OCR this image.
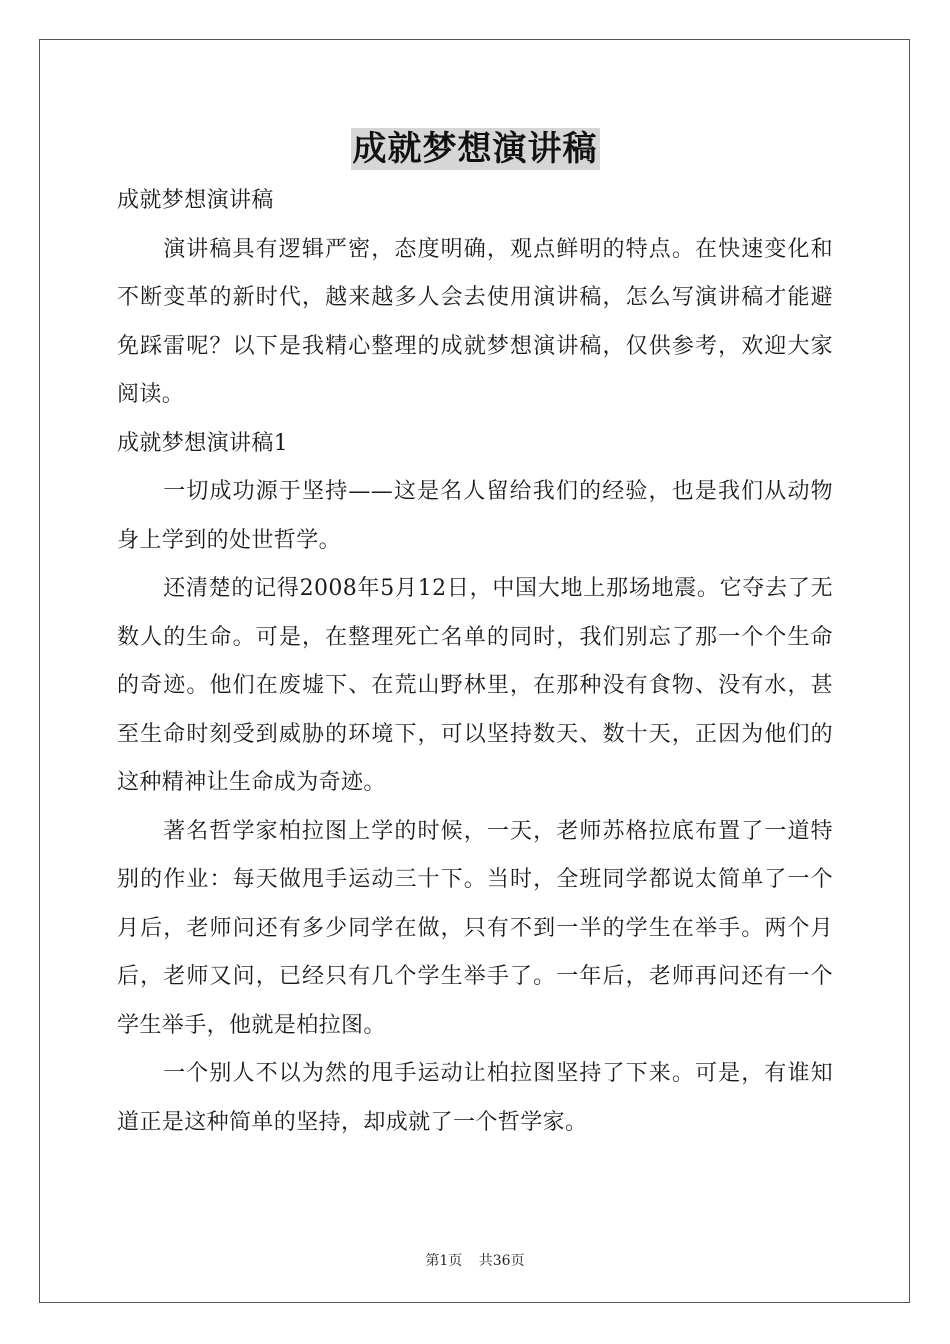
成就梦想演讲稿

成就梦想演讲稿

演讲稿具有逻辑严密，态度明确，观点鲜明的特点。在快速变化和不断变革的新时代，越来越多人会去使用演讲稿，怎么写演讲稿才能避免踩雷呢？以下是我精心整理的成就梦想演讲稿，仅供参考，欢迎大家阅读。

成就梦想演讲稿1

一切成功源于坚持——这是名人留给我们的经验，也是我们从动物身上学到的处世哲学。

还清楚的记得2008年5月12日，中国大地上那场地震。它夺去了无数人的生命。可是，在整理死亡名单的同时，我们别忘了那一个个生命的奇迹。他们在废墟下、在荒山野林里，在那种没有食物、没有水，甚至生命时刻受到威胁的环境下，可以坚持数天、数十天，正因为他们的这种精神让生命成为奇迹。

著名哲学家柏拉图上学的时候，一天，老师苏格拉底布置了一道特别的作业：每天做甩手运动三十下。当时，全班同学都说太简单了一个月后，老师问还有多少同学在做，只有不到一半的学生在举手。两个月后，老师又问，已经只有几个学生举手了。一年后，老师再问还有一个学生举手，他就是柏拉图。

一个别人不以为然的甩手运动让柏拉图坚持了下来。可是，有谁知道正是这种简单的坚持，却成就了一个哲学家。

第1页 共36页
